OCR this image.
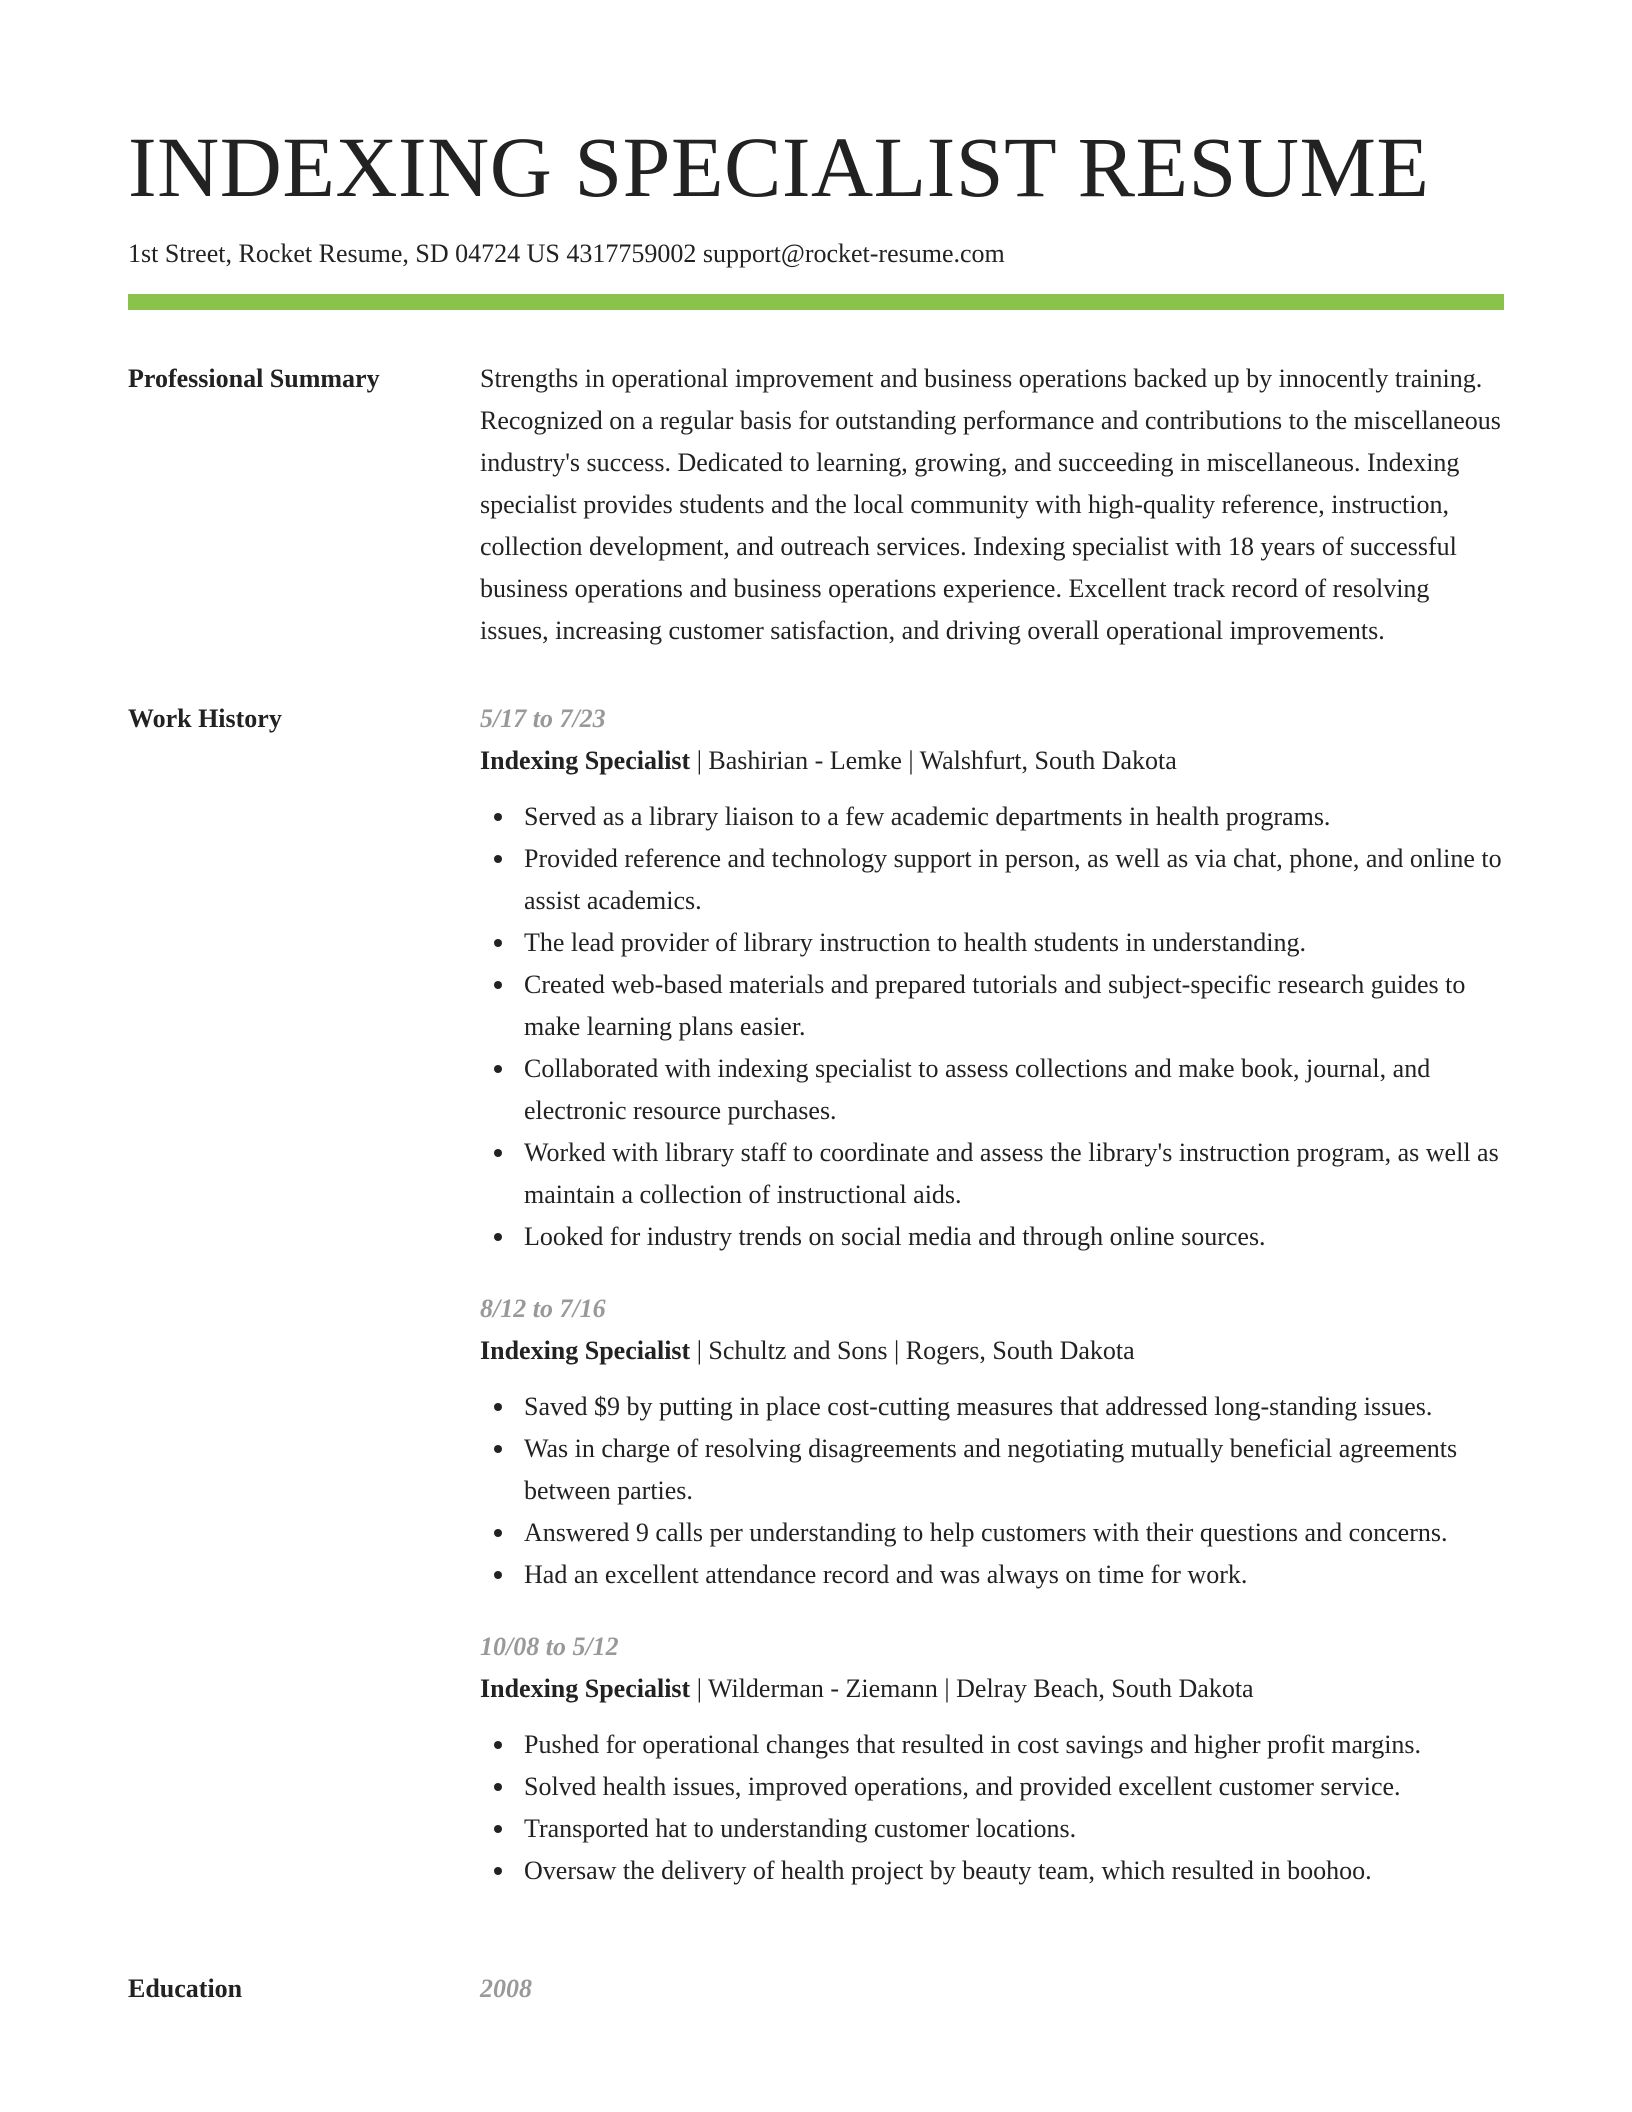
INDEXING SPECIALIST RESUME
1st Street, Rocket Resume, SD 04724 US 4317759002 support@rocket-resume.com
Professional Summary	Strengths in operational improvement and business operations backed up by innocently training. Recognized on a regular basis for outstanding performance and contributions to the miscellaneous industry's success. Dedicated to learning, growing, and succeeding in miscellaneous. Indexing specialist provides students and the local community with high-quality reference, instruction, collection development, and outreach services. Indexing specialist with 18 years of successful business operations and business operations experience. Excellent track record of resolving issues, increasing customer satisfaction, and driving overall operational improvements.
Work History	5/17 to 7/23
Indexing Specialist | Bashirian - Lemke | Walshfurt, South Dakota
Served as a library liaison to a few academic departments in health programs.
Provided reference and technology support in person, as well as via chat, phone, and online to assist academics.
The lead provider of library instruction to health students in understanding.
Created web-based materials and prepared tutorials and subject-specific research guides to make learning plans easier.
Collaborated with indexing specialist to assess collections and make book, journal, and electronic resource purchases.
Worked with library staff to coordinate and assess the library's instruction program, as well as maintain a collection of instructional aids.
Looked for industry trends on social media and through online sources.
8/12 to 7/16
Indexing Specialist | Schultz and Sons | Rogers, South Dakota
Saved $9 by putting in place cost-cutting measures that addressed long-standing issues.
Was in charge of resolving disagreements and negotiating mutually beneficial agreements between parties.
Answered 9 calls per understanding to help customers with their questions and concerns.
Had an excellent attendance record and was always on time for work.
10/08 to 5/12
Indexing Specialist | Wilderman - Ziemann | Delray Beach, South Dakota
Pushed for operational changes that resulted in cost savings and higher profit margins.
Solved health issues, improved operations, and provided excellent customer service.
Transported hat to understanding customer locations.
Oversaw the delivery of health project by beauty team, which resulted in boohoo.
Education	2008
